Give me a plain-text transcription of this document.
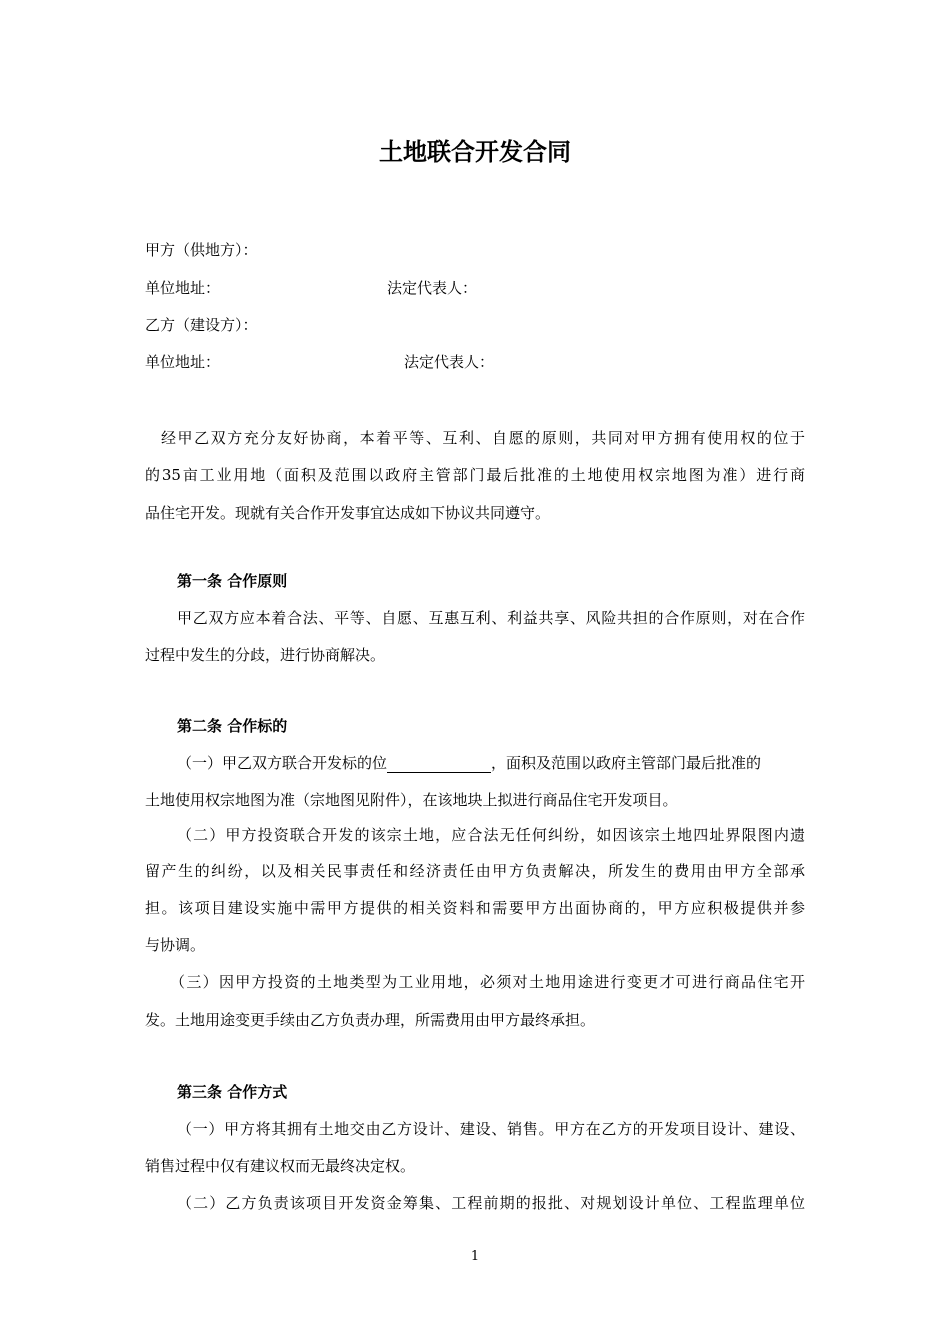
土地联合开发合同
甲方（供地方）：
单位地址：	法定代表人：
乙方（建设方）：
单位地址：	法定代表人：
经甲乙双方充分友好协商，本着平等、互利、自愿的原则，共同对甲方拥有使用权的位于
的35亩工业用地（面积及范围以政府主管部门最后批准的土地使用权宗地图为准）进行商
品住宅开发。现就有关合作开发事宜达成如下协议共同遵守。
第一条 合作原则
甲乙双方应本着合法、平等、自愿、互惠互利、利益共享、风险共担的合作原则，对在合作
过程中发生的分歧，进行协商解决。
第二条 合作标的
（一）甲乙双方联合开发标的位	，面积及范围以政府主管部门最后批准的
土地使用权宗地图为准（宗地图见附件），在该地块上拟进行商品住宅开发项目。
（二）甲方投资联合开发的该宗土地，应合法无任何纠纷，如因该宗土地四址界限图内遗
留产生的纠纷，以及相关民事责任和经济责任由甲方负责解决，所发生的费用由甲方全部承
担。该项目建设实施中需甲方提供的相关资料和需要甲方出面协商的，甲方应积极提供并参
与协调。
（三）因甲方投资的土地类型为工业用地，必须对土地用途进行变更才可进行商品住宅开
发。土地用途变更手续由乙方负责办理，所需费用由甲方最终承担。
第三条 合作方式
（一）甲方将其拥有土地交由乙方设计、建设、销售。甲方在乙方的开发项目设计、建设、
销售过程中仅有建议权而无最终决定权。
（二）乙方负责该项目开发资金筹集、工程前期的报批、对规划设计单位、工程监理单位
1
